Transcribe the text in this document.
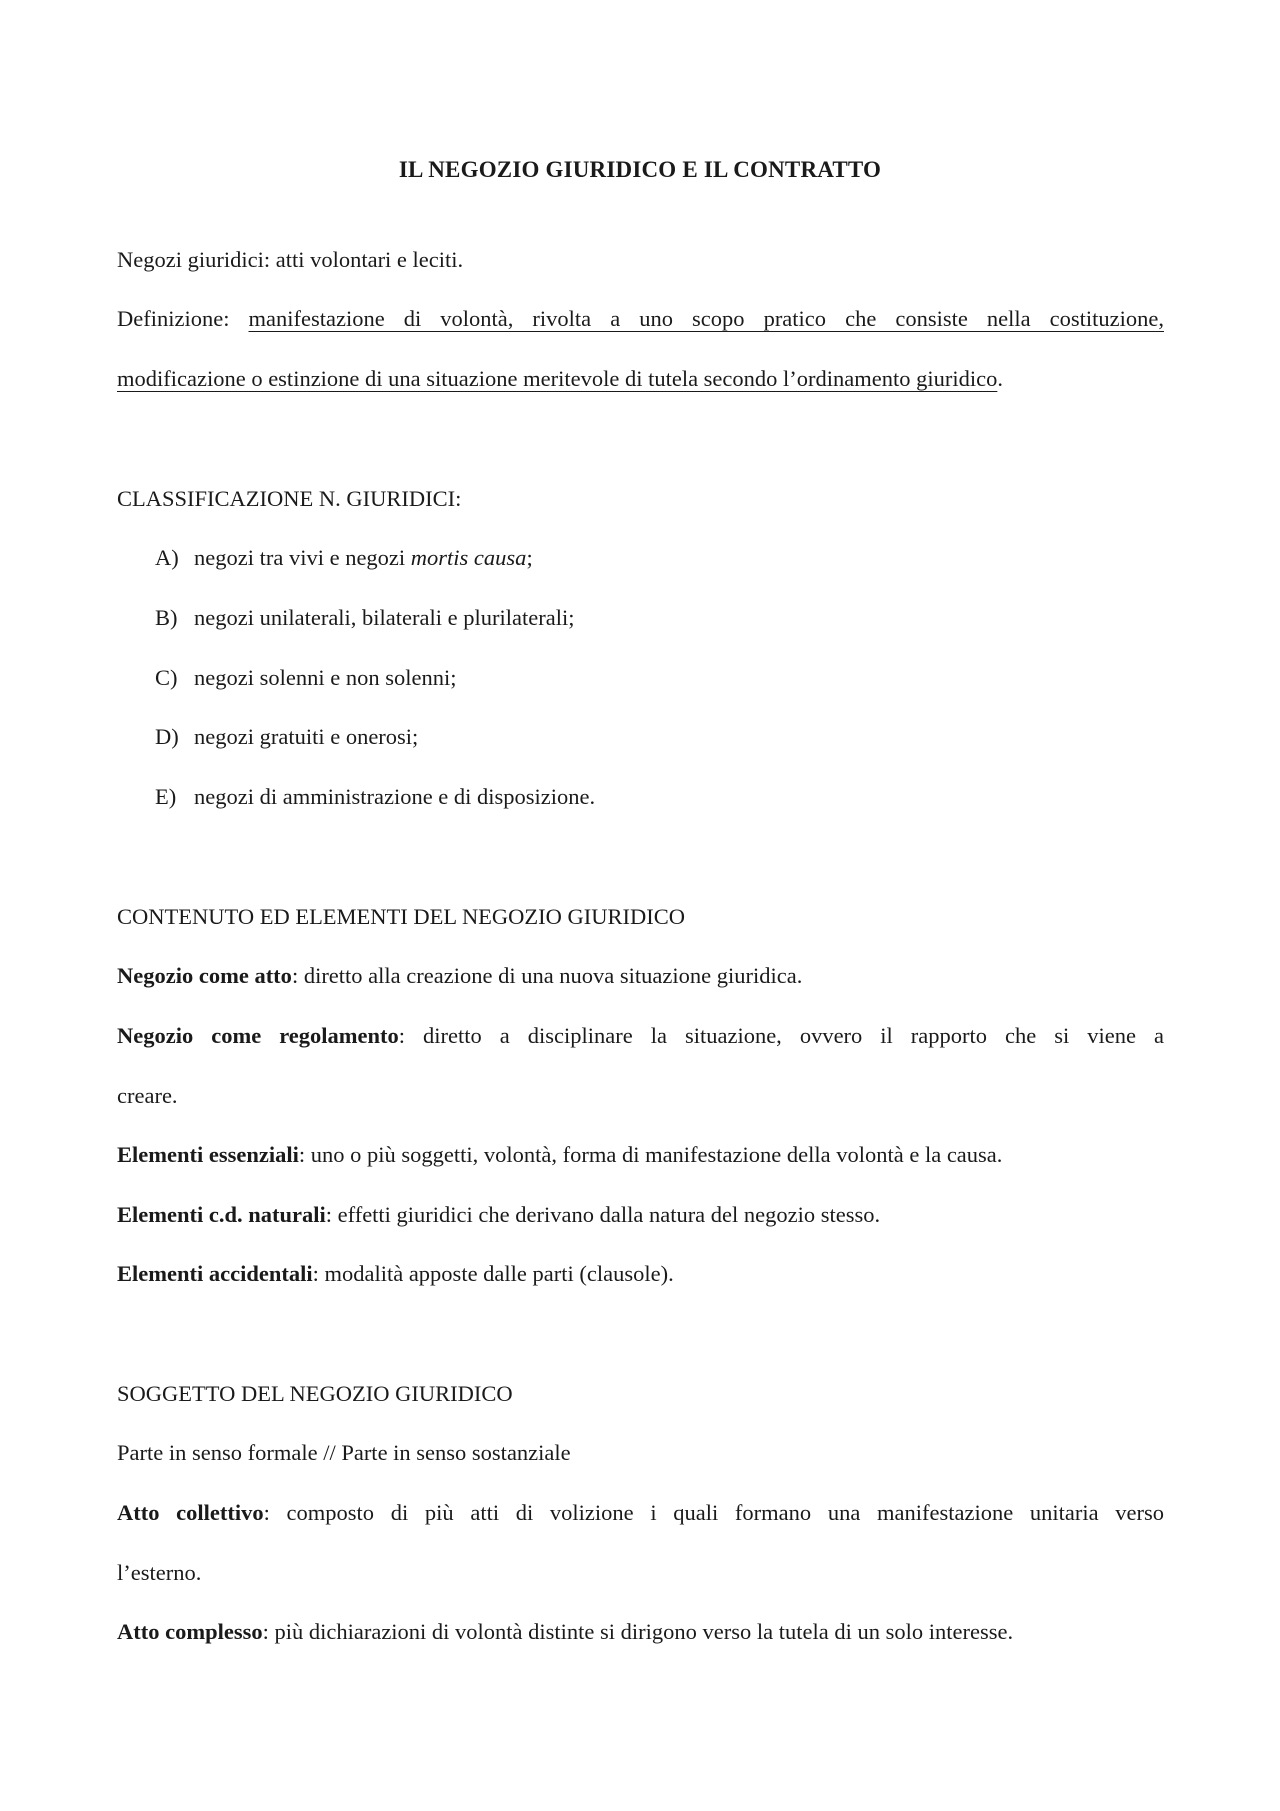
IL NEGOZIO GIURIDICO E IL CONTRATTO
Negozi giuridici: atti volontari e leciti.
Definizione: manifestazione di volontà, rivolta a uno scopo pratico che consiste nella costituzione,
modificazione o estinzione di una situazione meritevole di tutela secondo l’ordinamento giuridico.
CLASSIFICAZIONE N. GIURIDICI:
A) negozi tra vivi e negozi mortis causa;
B) negozi unilaterali, bilaterali e plurilaterali;
C) negozi solenni e non solenni;
D) negozi gratuiti e onerosi;
E) negozi di amministrazione e di disposizione.
CONTENUTO ED ELEMENTI DEL NEGOZIO GIURIDICO
Negozio come atto: diretto alla creazione di una nuova situazione giuridica.
Negozio come regolamento: diretto a disciplinare la situazione, ovvero il rapporto che si viene a
creare.
Elementi essenziali: uno o più soggetti, volontà, forma di manifestazione della volontà e la causa.
Elementi c.d. naturali: effetti giuridici che derivano dalla natura del negozio stesso.
Elementi accidentali: modalità apposte dalle parti (clausole).
SOGGETTO DEL NEGOZIO GIURIDICO
Parte in senso formale // Parte in senso sostanziale
Atto collettivo: composto di più atti di volizione i quali formano una manifestazione unitaria verso
l’esterno.
Atto complesso: più dichiarazioni di volontà distinte si dirigono verso la tutela di un solo interesse.
